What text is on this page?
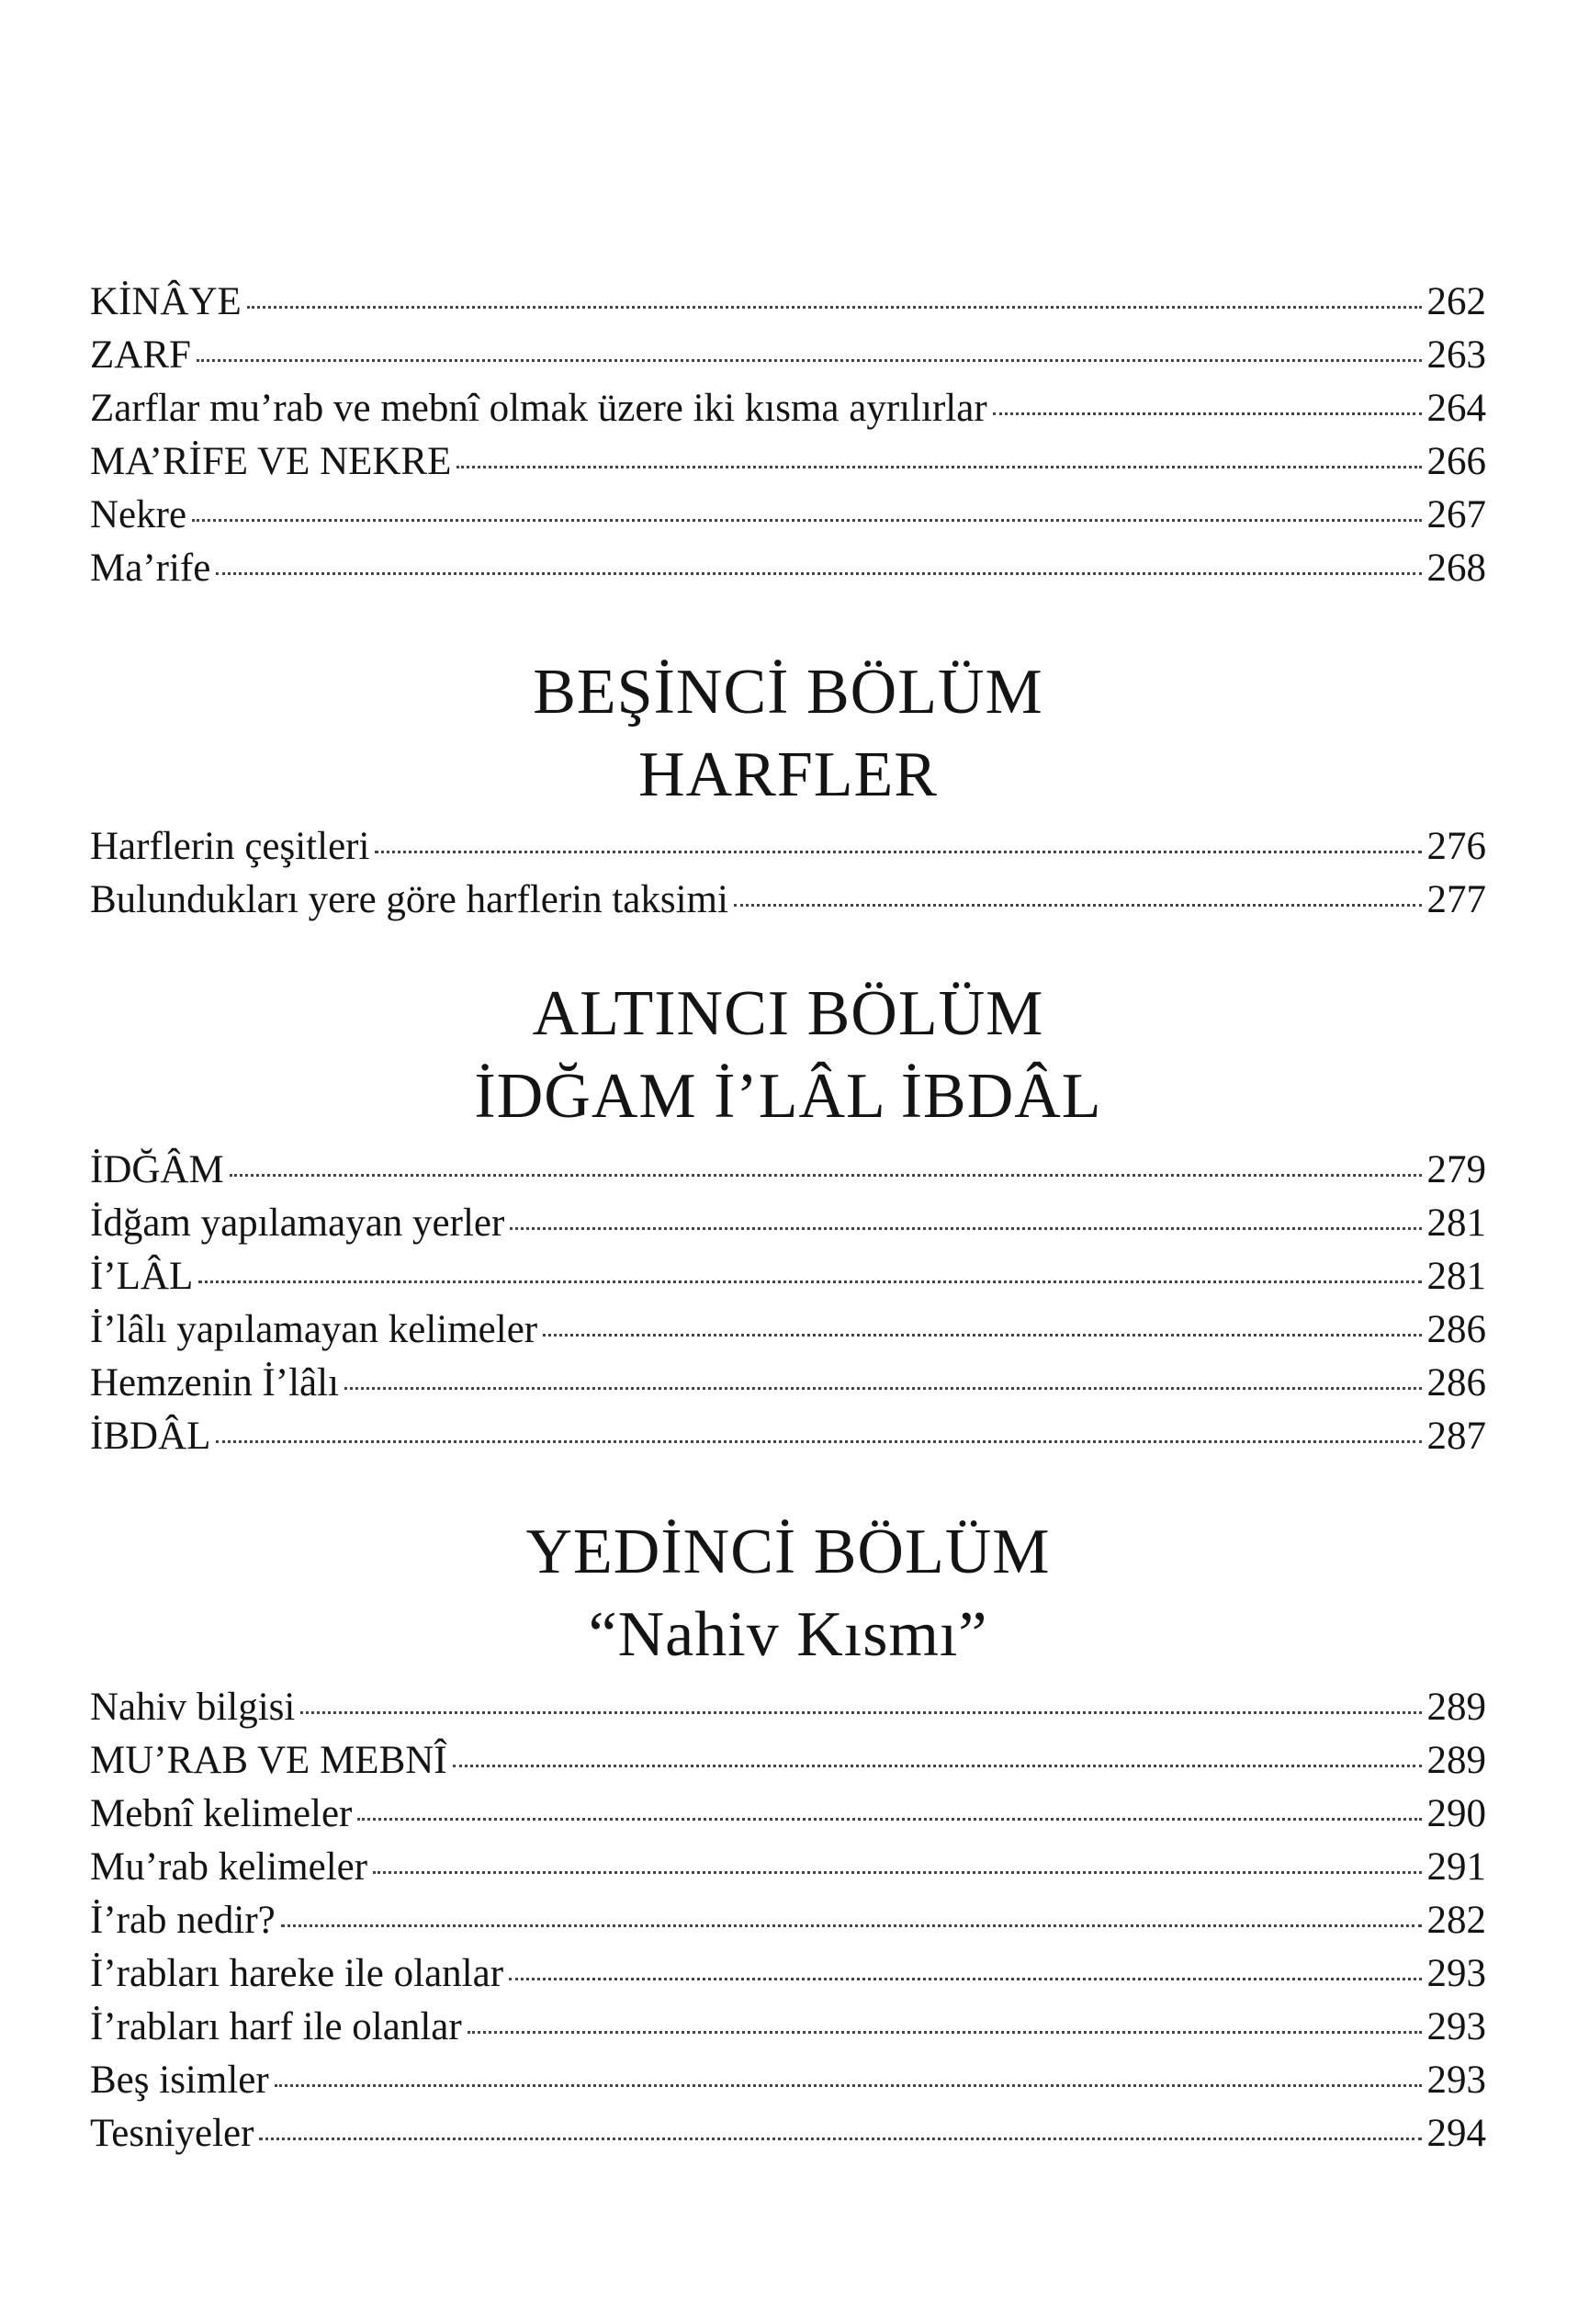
KİNÂYE	262
ZARF	263
Zarflar mu’rab ve mebnî olmak üzere iki kısma ayrılırlar	264
MA’RİFE VE NEKRE	266
Nekre	267
Ma’rife	268
BEŞİNCİ BÖLÜM
HARFLER
Harflerin çeşitleri	276
Bulundukları yere göre harflerin taksimi	277
ALTINCI BÖLÜM
İDĞAM İ’LÂL İBDÂL
İDĞÂM	279
İdğam yapılamayan yerler	281
İ’LÂL	281
İ’lâlı yapılamayan kelimeler	286
Hemzenin İ’lâlı	286
İBDÂL	287
YEDİNCİ BÖLÜM
“Nahiv Kısmı”
Nahiv bilgisi	289
MU’RAB VE MEBNÎ	289
Mebnî kelimeler	290
Mu’rab kelimeler	291
İ’rab nedir?	282
İ’rabları hareke ile olanlar	293
İ’rabları harf ile olanlar	293
Beş isimler	293
Tesniyeler	294
